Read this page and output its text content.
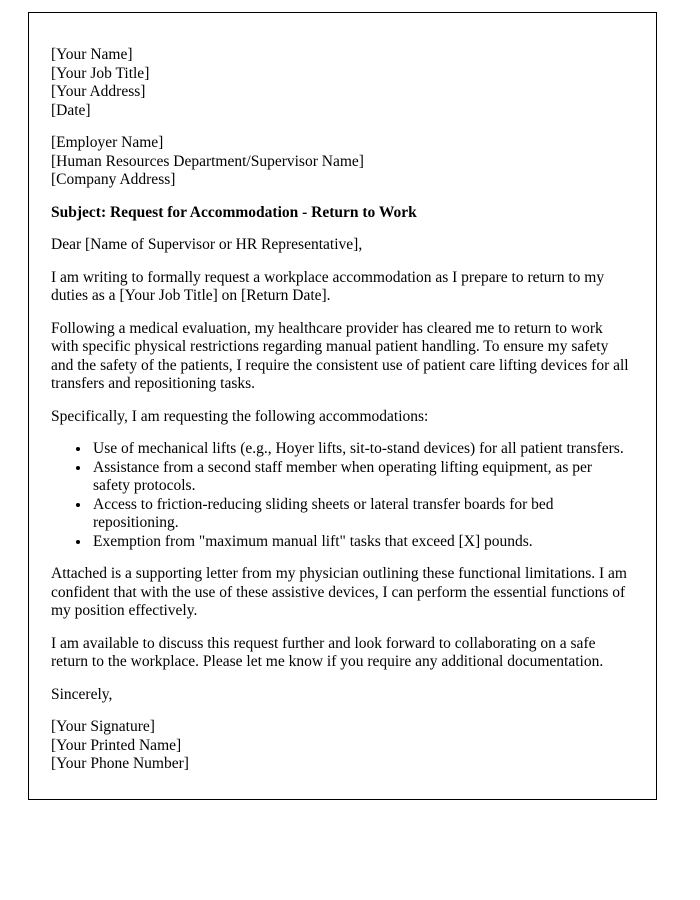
[Your Name]
[Your Job Title]
[Your Address]
[Date]
[Employer Name]
[Human Resources Department/Supervisor Name]
[Company Address]
Subject: Request for Accommodation - Return to Work
Dear [Name of Supervisor or HR Representative],
I am writing to formally request a workplace accommodation as I prepare to return to my duties as a [Your Job Title] on [Return Date].
Following a medical evaluation, my healthcare provider has cleared me to return to work with specific physical restrictions regarding manual patient handling. To ensure my safety and the safety of the patients, I require the consistent use of patient care lifting devices for all transfers and repositioning tasks.
Specifically, I am requesting the following accommodations:
• Use of mechanical lifts (e.g., Hoyer lifts, sit-to-stand devices) for all patient transfers.
• Assistance from a second staff member when operating lifting equipment, as per safety protocols.
• Access to friction-reducing sliding sheets or lateral transfer boards for bed repositioning.
• Exemption from "maximum manual lift" tasks that exceed [X] pounds.
Attached is a supporting letter from my physician outlining these functional limitations. I am confident that with the use of these assistive devices, I can perform the essential functions of my position effectively.
I am available to discuss this request further and look forward to collaborating on a safe return to the workplace. Please let me know if you require any additional documentation.
Sincerely,
[Your Signature]
[Your Printed Name]
[Your Phone Number]
